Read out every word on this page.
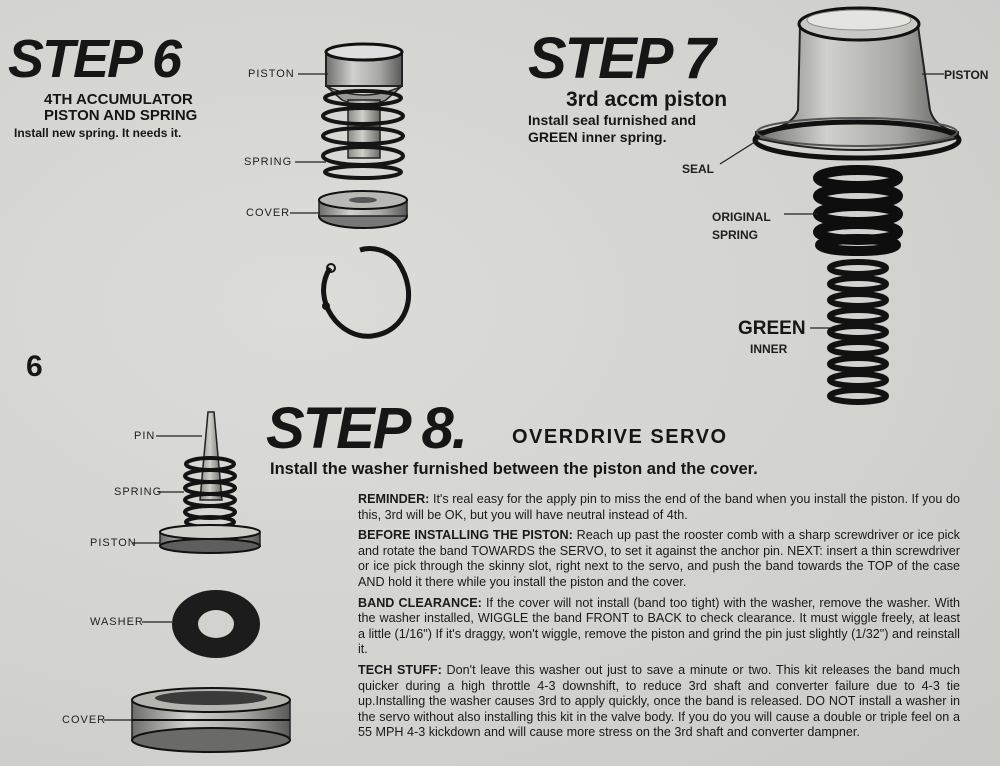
STEP 6
4TH ACCUMULATOR
PISTON AND SPRING
Install new spring. It needs it.
PISTON
SPRING
COVER
STEP 7
3rd accm piston
Install seal furnished and
GREEN inner spring.
PISTON
SEAL
ORIGINAL
SPRING
GREEN
INNER
6
STEP 8. OVERDRIVE SERVO
Install the washer furnished between the piston and the cover.
PIN
SPRING
PISTON
WASHER
COVER

REMINDER: It's real easy for the apply pin to miss the end of the band when you install the piston. If you do this, 3rd will be OK, but you will have neutral instead of 4th.

BEFORE INSTALLING THE PISTON: Reach up past the rooster comb with a sharp screwdriver or ice pick and rotate the band TOWARDS the SERVO, to set it against the anchor pin. NEXT: insert a thin screwdriver or ice pick through the skinny slot, right next to the servo, and push the band towards the TOP of the case AND hold it there while you install the piston and the cover.

BAND CLEARANCE: If the cover will not install (band too tight) with the washer, remove the washer. With the washer installed, WIGGLE the band FRONT to BACK to check clearance. It must wiggle freely, at least a little (1/16") If it's draggy, won't wiggle, remove the piston and grind the pin just slightly (1/32") and reinstall it.

TECH STUFF: Don't leave this washer out just to save a minute or two. This kit releases the band much quicker during a high throttle 4-3 downshift, to reduce 3rd shaft and converter failure due to 4-3 tie up.Installing the washer causes 3rd to apply quickly, once the band is released. DO NOT install a washer in the servo without also installing this kit in the valve body. If you do you will cause a double or triple feel on a 55 MPH 4-3 kickdown and will cause more stress on the 3rd shaft and converter dampner.
